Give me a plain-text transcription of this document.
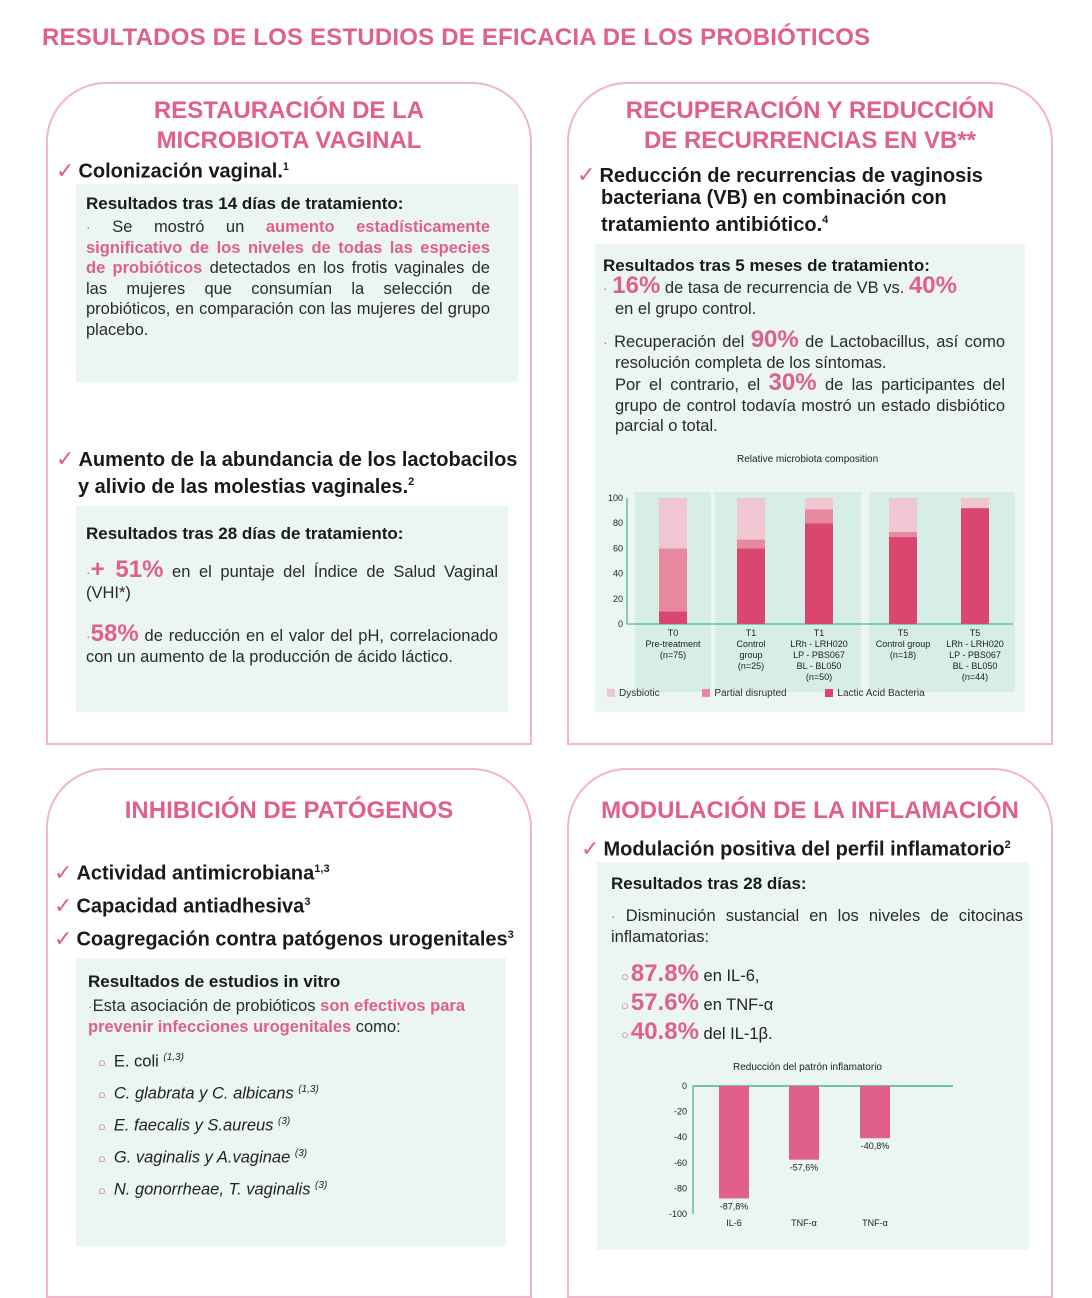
RESULTADOS DE LOS ESTUDIOS DE EFICACIA DE LOS PROBIÓTICOS
RESTAURACIÓN DE LA
MICROBIOTA VAGINAL
✓ Colonización vaginal.$^1$
Resultados tras 14 días de tratamiento:
· Se mostró un aumento estadísticamente significativo de los niveles de todas las especies de probióticos detectados en los frotis vaginales de las mujeres que consumían la selección de probióticos, en comparación con las mujeres del grupo placebo.
✓ Aumento de la abundancia de los lactobacilos
y alivio de las molestias vaginales.$^2$
Resultados tras 28 días de tratamiento:
·+ 51% en el puntaje del Índice de Salud Vaginal (VHI*)
·58% de reducción en el valor del pH, correlacionado con un aumento de la producción de ácido láctico.
RECUPERACIÓN Y REDUCCIÓN
DE RECURRENCIAS EN VB**
✓ Reducción de recurrencias de vaginosis
bacteriana (VB) en combinación con
tratamiento antibiótico.$^4$
Resultados tras 5 meses de tratamiento:
· 16% de tasa de recurrencia de VB vs. 40%
en el grupo control.
· Recuperación del 90% de Lactobacillus, así como resolución completa de los síntomas.
Por el contrario, el 30% de las participantes del grupo de control todavía mostró un estado disbiótico parcial o total.
Relative microbiota composition
0
20
40
60
80
100
T0
Pre-treatment
(n=75)
T1
Control
group
(n=25)
T1
LRh - LRH020
LP - PBS067
BL - BL050
(n=50)
T5
Control group
(n=18)
T5
LRh - LRH020
LP - PBS067
BL - BL050
(n=44)
Dysbiotic	Partial disrupted	Lactic Acid Bacteria
INHIBICIÓN DE PATÓGENOS
✓ Actividad antimicrobiana$^{1,3}$
✓ Capacidad antiadhesiva$^3$
✓ Coagregación contra patógenos urogenitales$^3$
Resultados de estudios in vitro
·Esta asociación de probióticos son efectivos para prevenir infecciones urogenitales como:
○ E. coli $^{(1,3)}$
○ C. glabrata y C. albicans $^{(1,3)}$
○ E. faecalis y S.aureus $^{(3)}$
○ G. vaginalis y A.vaginae $^{(3)}$
○ N. gonorrheae, T. vaginalis $^{(3)}$
MODULACIÓN DE LA INFLAMACIÓN
✓ Modulación positiva del perfil inflamatorio$^2$
Resultados tras 28 días:
· Disminución sustancial en los niveles de citocinas inflamatorias:
○87.8% en IL-6,
○57.6% en TNF-α
○40.8% del IL-1β.
Reducción del patrón inflamatorio
0
-20
-40
-60
-80
-100
-87,8%
IL-6
-57,6%
TNF-α
-40,8%
TNF-α
